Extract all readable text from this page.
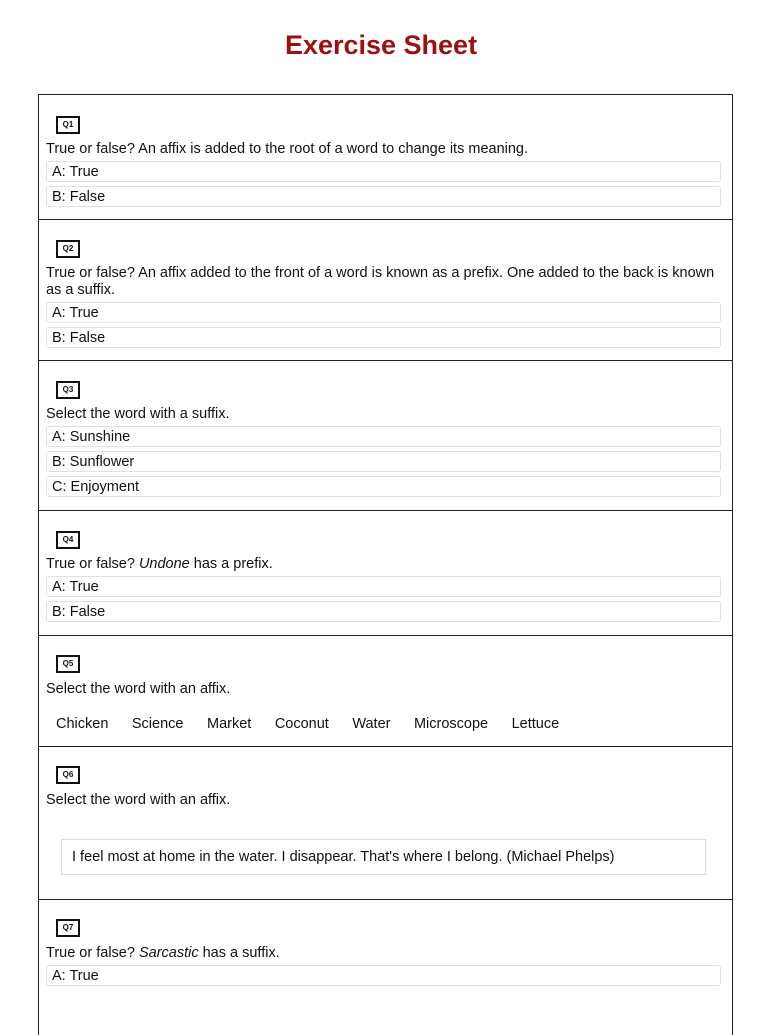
Exercise Sheet
Q1

True or false? An affix is added to the root of a word to change its meaning.

A: True
B: False
Q2

True or false? An affix added to the front of a word is known as a prefix. One added to the back is known as a suffix.

A: True
B: False
Q3

Select the word with a suffix.

A: Sunshine
B: Sunflower
C: Enjoyment
Q4

True or false? Undone has a prefix.

A: True
B: False
Q5

Select the word with an affix.

Chicken Science Market Coconut Water Microscope Lettuce
Q6

Select the word with an affix.

I feel most at home in the water. I disappear. That's where I belong. (Michael Phelps)
Q7

True or false? Sarcastic has a suffix.

A: True
